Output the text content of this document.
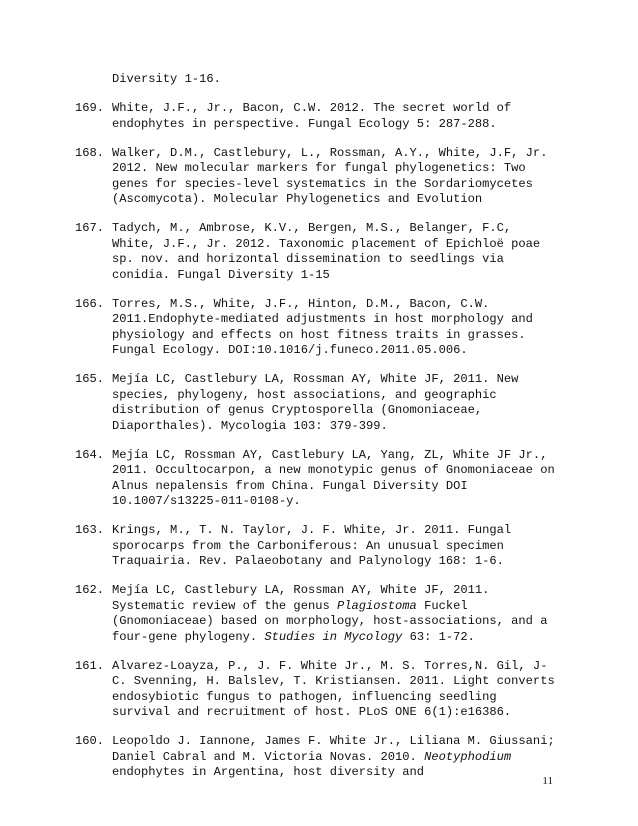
Diversity 1-16.
169. White, J.F., Jr., Bacon, C.W. 2012. The secret world of endophytes in perspective. Fungal Ecology 5: 287-288.
168. Walker, D.M., Castlebury, L., Rossman, A.Y., White, J.F, Jr. 2012. New molecular markers for fungal phylogenetics: Two genes for species-level systematics in the Sordariomycetes (Ascomycota). Molecular Phylogenetics and Evolution
167. Tadych, M., Ambrose, K.V., Bergen, M.S., Belanger, F.C, White, J.F., Jr. 2012. Taxonomic placement of Epichloë poae sp. nov. and horizontal dissemination to seedlings via conidia. Fungal Diversity 1-15
166. Torres, M.S., White, J.F., Hinton, D.M., Bacon, C.W. 2011.Endophyte-mediated adjustments in host morphology and physiology and effects on host fitness traits in grasses. Fungal Ecology. DOI:10.1016/j.funeco.2011.05.006.
165. Mejía LC, Castlebury LA, Rossman AY, White JF, 2011. New species, phylogeny, host associations, and geographic distribution of genus Cryptosporella (Gnomoniaceae, Diaporthales). Mycologia 103: 379-399.
164. Mejía LC, Rossman AY, Castlebury LA, Yang, ZL, White JF Jr., 2011. Occultocarpon, a new monotypic genus of Gnomoniaceae on Alnus nepalensis from China. Fungal Diversity DOI 10.1007/s13225-011-0108-y.
163. Krings, M., T. N. Taylor, J. F. White, Jr. 2011. Fungal sporocarps from the Carboniferous: An unusual specimen Traquairia. Rev. Palaeobotany and Palynology 168: 1-6.
162. Mejía LC, Castlebury LA, Rossman AY, White JF, 2011. Systematic review of the genus Plagiostoma Fuckel (Gnomoniaceae) based on morphology, host-associations, and a four-gene phylogeny. Studies in Mycology 63: 1-72.
161. Alvarez-Loayza, P., J. F. White Jr., M. S. Torres,N. Gil, J-C. Svenning, H. Balslev, T. Kristiansen. 2011. Light converts endosybiotic fungus to pathogen, influencing seedling survival and recruitment of host. PLoS ONE 6(1):e16386.
160. Leopoldo J. Iannone, James F. White Jr., Liliana M. Giussani; Daniel Cabral and M. Victoria Novas. 2010. Neotyphodium endophytes in Argentina, host diversity and
11
